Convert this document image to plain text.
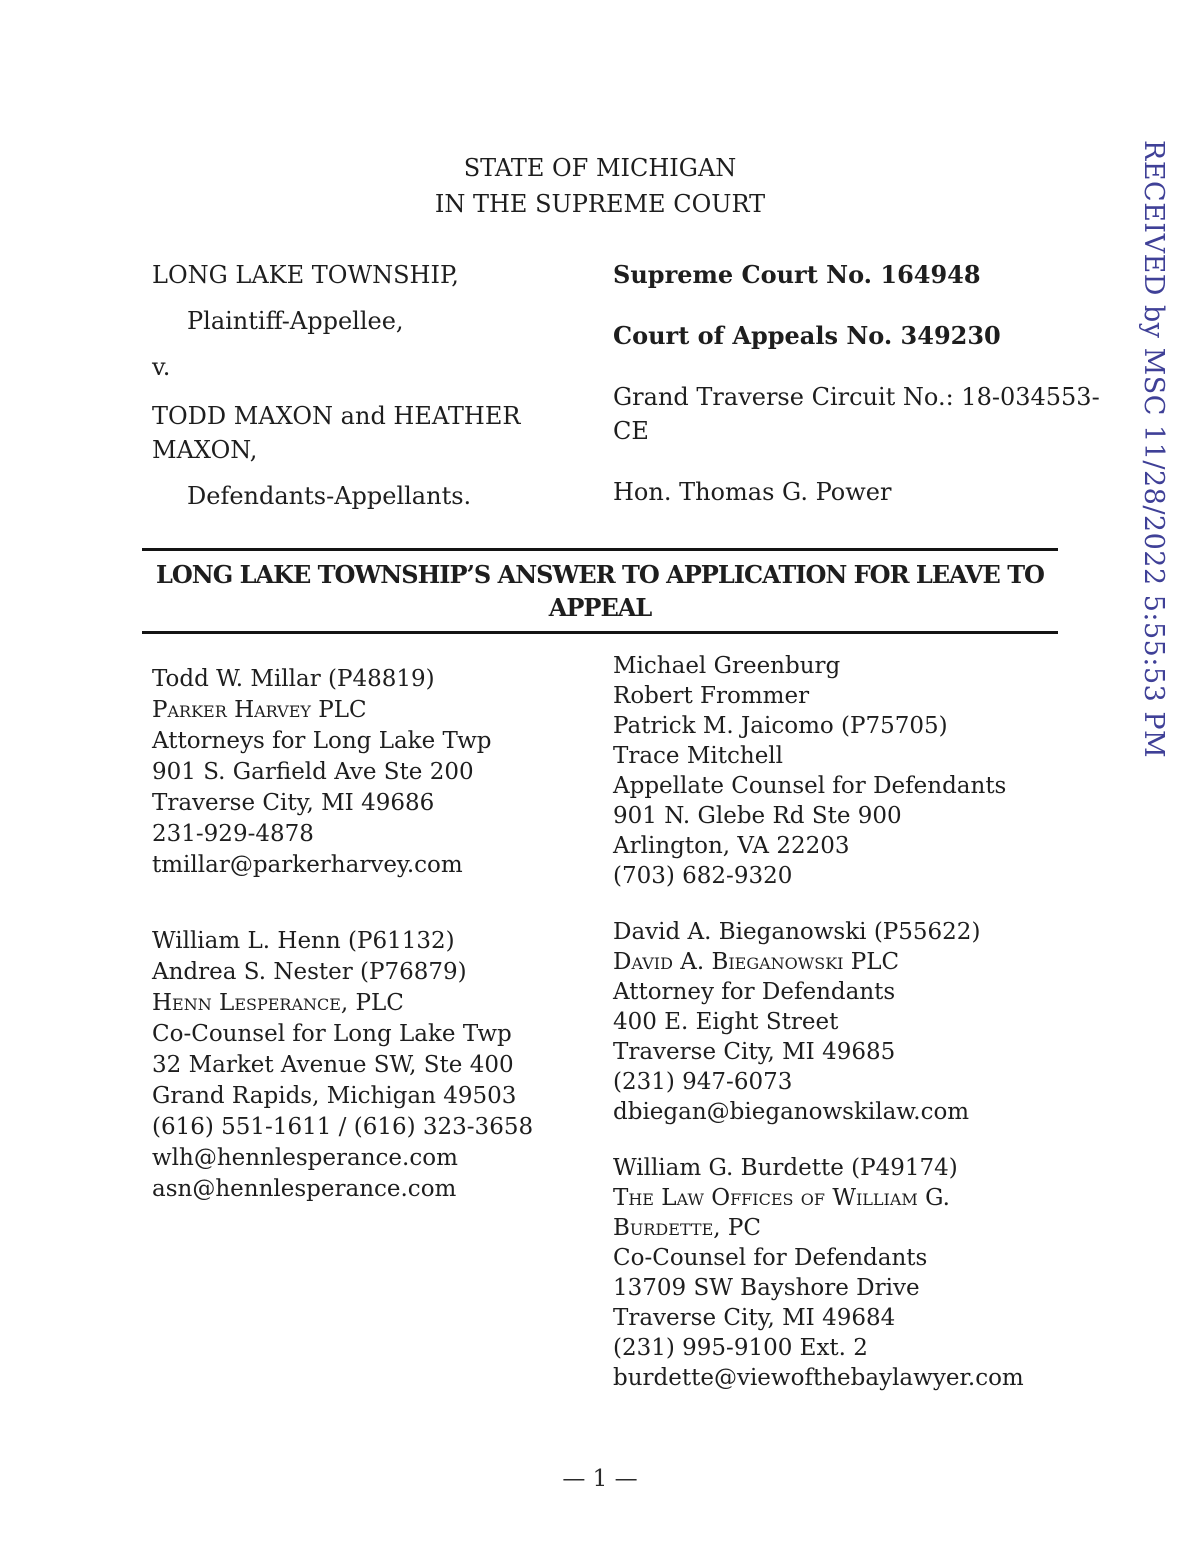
RECEIVED by MSC 11/28/2022 5:55:53 PM
STATE OF MICHIGAN
IN THE SUPREME COURT
LONG LAKE TOWNSHIP,
Plaintiff-Appellee,
v.
TODD MAXON and HEATHER MAXON,
Defendants-Appellants.
Supreme Court No. 164948
Court of Appeals No. 349230
Grand Traverse Circuit No.: 18-034553-CE
Hon. Thomas G. Power
LONG LAKE TOWNSHIP’S ANSWER TO APPLICATION FOR LEAVE TO APPEAL
Todd W. Millar (P48819)
Parker Harvey PLC
Attorneys for Long Lake Twp
901 S. Garfield Ave Ste 200
Traverse City, MI 49686
231-929-4878
tmillar@parkerharvey.com
William L. Henn (P61132)
Andrea S. Nester (P76879)
Henn Lesperance, PLC
Co-Counsel for Long Lake Twp
32 Market Avenue SW, Ste 400
Grand Rapids, Michigan 49503
(616) 551-1611 / (616) 323-3658
wlh@hennlesperance.com
asn@hennlesperance.com
Michael Greenburg
Robert Frommer
Patrick M. Jaicomo (P75705)
Trace Mitchell
Appellate Counsel for Defendants
901 N. Glebe Rd Ste 900
Arlington, VA 22203
(703) 682-9320
David A. Bieganowski (P55622)
David A. Bieganowski PLC
Attorney for Defendants
400 E. Eight Street
Traverse City, MI 49685
(231) 947-6073
dbiegan@bieganowskilaw.com
William G. Burdette (P49174)
The Law Offices of William G. Burdette, PC
Co-Counsel for Defendants
13709 SW Bayshore Drive
Traverse City, MI 49684
(231) 995-9100 Ext. 2
burdette@viewofthebaylawyer.com
— 1 —
